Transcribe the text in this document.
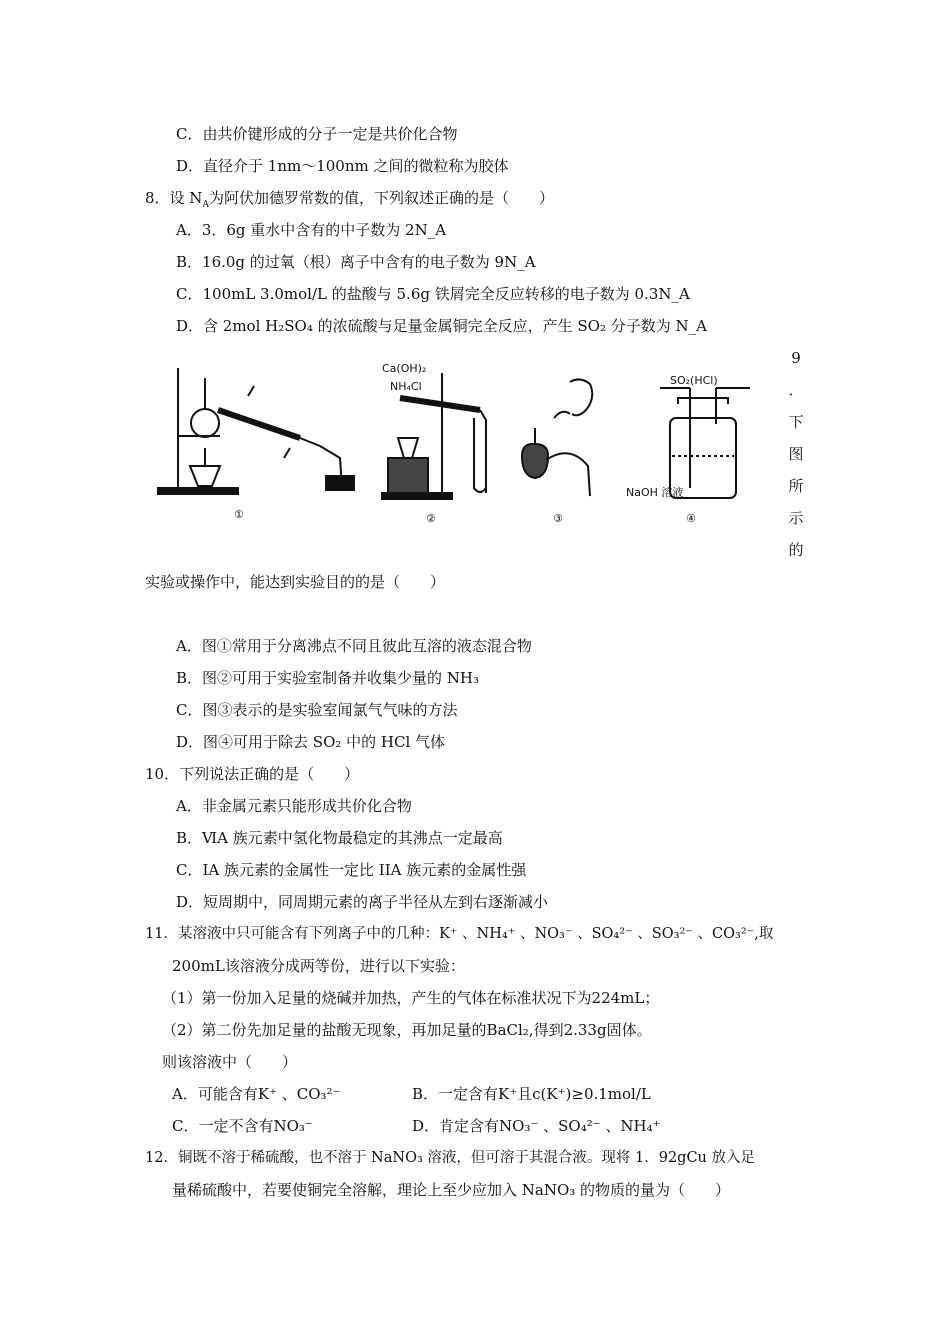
C．由共价键形成的分子一定是共价化合物
D．直径介于 1nm～100nm 之间的微粒称为胶体
8．设 $N_A$为阿伏加德罗常数的值，下列叙述正确的是（　　）
A．3．6g 重水中含有的中子数为 2N_A
B．16.0g 的过氧（根）离子中含有的电子数为 9N_A
C．100mL 3.0mol/L 的盐酸与 5.6g 铁屑完全反应转移的电子数为 0.3N_A
D．含 2mol H₂SO₄ 的浓硫酸与足量金属铜完全反应，产生 SO₂ 分子数为 N_A
Ca(OH)₂
NH₄Cl	SO₂(HCl)
NaOH 溶液
①	②	③	④
9
．
下
图
所
示
的
实验或操作中，能达到实验目的的是（　　）
A．图①常用于分离沸点不同且彼此互溶的液态混合物
B．图②可用于实验室制备并收集少量的 NH₃
C．图③表示的是实验室闻氯气气味的方法
D．图④可用于除去 SO₂ 中的 HCl 气体
10．下列说法正确的是（　　）
A．非金属元素只能形成共价化合物
B．ⅥA 族元素中氢化物最稳定的其沸点一定最高
C．IA 族元素的金属性一定比 IIA 族元素的金属性强
D．短周期中，同周期元素的离子半径从左到右逐渐减小
11．某溶液中只可能含有下列离子中的几种：K⁺ 、NH₄⁺ 、NO₃⁻ 、SO₄²⁻ 、SO₃²⁻ 、CO₃²⁻,取
200mL该溶液分成两等份，进行以下实验：
（1）第一份加入足量的烧碱并加热，产生的气体在标准状况下为224mL；
（2）第二份先加足量的盐酸无现象，再加足量的BaCl₂,得到2.33g固体。
则该溶液中（　　）
A．可能含有K⁺ 、CO₃²⁻	B．一定含有K⁺且c(K⁺)≥0.1mol/L
C．一定不含有NO₃⁻	D．肯定含有NO₃⁻ 、SO₄²⁻ 、NH₄⁺
12．铜既不溶于稀硫酸，也不溶于 NaNO₃ 溶液，但可溶于其混合液。现将 1．92gCu 放入足
量稀硫酸中，若要使铜完全溶解，理论上至少应加入 NaNO₃ 的物质的量为（　　）
